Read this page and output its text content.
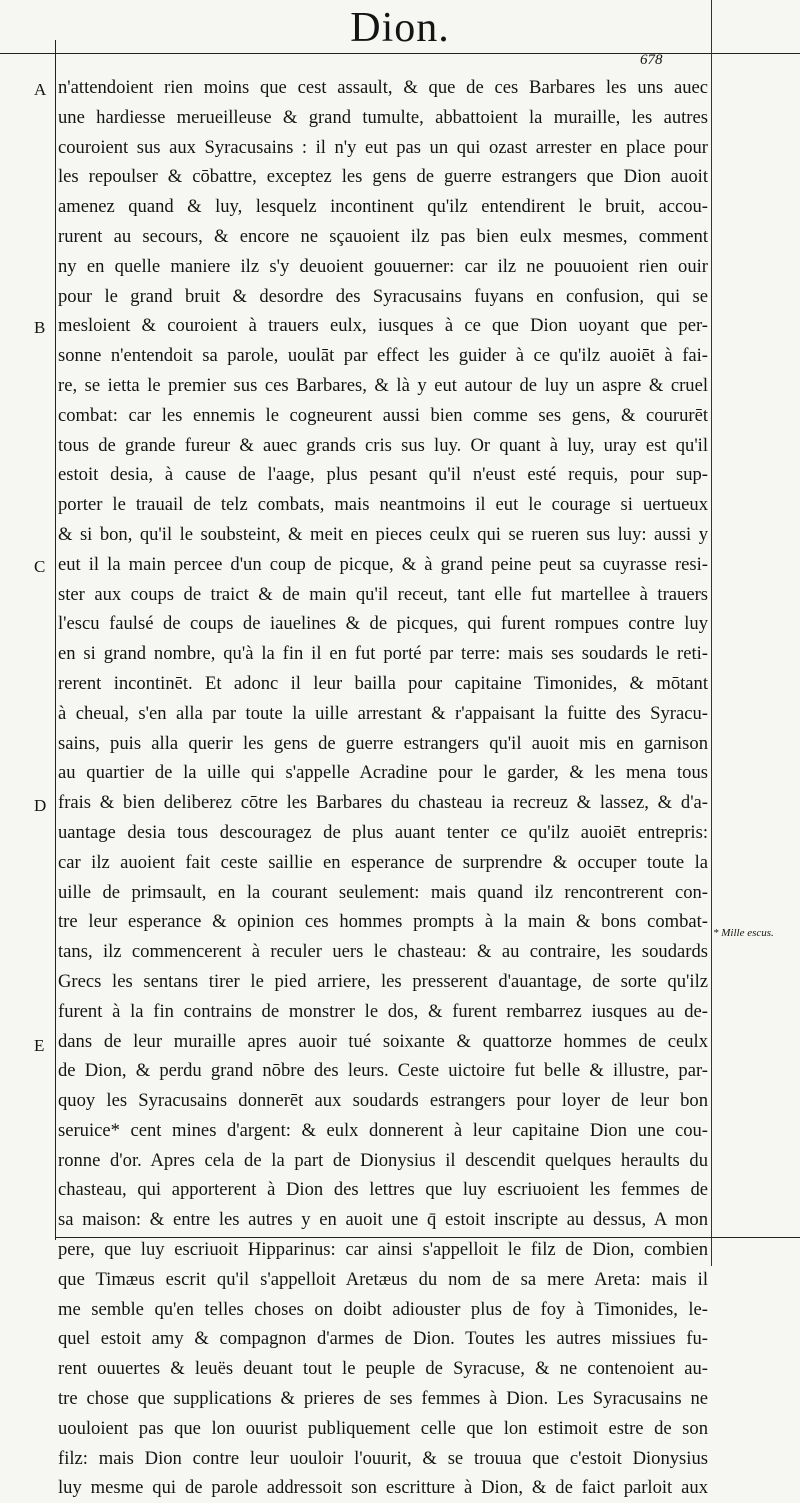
Dion.
678
A
B
C
D
E
n'attendoient rien moins que cest assault, & que de ces Barbares les uns auec
une hardiesse merueilleuse & grand tumulte, abbattoient la muraille, les autres
couroient sus aux Syracusains : il n'y eut pas un qui ozast arrester en place pour
les repoulser & cōbattre, exceptez les gens de guerre estrangers que Dion auoit
amenez quand & luy, lesquelz incontinent qu'ilz entendirent le bruit, accou-
rurent au secours, & encore ne sçauoient ilz pas bien eulx mesmes, comment
ny en quelle maniere ilz s'y deuoient gouuerner: car ilz ne pouuoient rien ouir
pour le grand bruit & desordre des Syracusains fuyans en confusion, qui se
mesloient & couroient à trauers eulx, iusques à ce que Dion uoyant que per-
sonne n'entendoit sa parole, uoulāt par effect les guider à ce qu'ilz auoiēt à fai-
re, se ietta le premier sus ces Barbares, & là y eut autour de luy un aspre & cruel
combat: car les ennemis le cogneurent aussi bien comme ses gens, & coururēt
tous de grande fureur & auec grands cris sus luy. Or quant à luy, uray est qu'il
estoit desia, à cause de l'aage, plus pesant qu'il n'eust esté requis, pour sup-
porter le trauail de telz combats, mais neantmoins il eut le courage si uertueux
& si bon, qu'il le soubsteint, & meit en pieces ceulx qui se rueren sus luy: aussi y
eut il la main percee d'un coup de picque, & à grand peine peut sa cuyrasse resi-
ster aux coups de traict & de main qu'il receut, tant elle fut martellee à trauers
l'escu faulsé de coups de iauelines & de picques, qui furent rompues contre luy
en si grand nombre, qu'à la fin il en fut porté par terre: mais ses soudards le reti-
rerent incontinēt. Et adonc il leur bailla pour capitaine Timonides, & mōtant
à cheual, s'en alla par toute la uille arrestant & r'appaisant la fuitte des Syracu-
sains, puis alla querir les gens de guerre estrangers qu'il auoit mis en garnison
au quartier de la uille qui s'appelle Acradine pour le garder, & les mena tous
frais & bien deliberez cōtre les Barbares du chasteau ia recreuz & lassez, & d'a-
uantage desia tous descouragez de plus auant tenter ce qu'ilz auoiēt entrepris:
car ilz auoient fait ceste saillie en esperance de surprendre & occuper toute la
uille de primsault, en la courant seulement: mais quand ilz rencontrerent con-
tre leur esperance & opinion ces hommes prompts à la main & bons combat-
tans, ilz commencerent à reculer uers le chasteau: & au contraire, les soudards
Grecs les sentans tirer le pied arriere, les presserent d'auantage, de sorte qu'ilz
furent à la fin contrains de monstrer le dos, & furent rembarrez iusques au de-
dans de leur muraille apres auoir tué soixante & quattorze hommes de ceulx
de Dion, & perdu grand nōbre des leurs. Ceste uictoire fut belle & illustre, par-
quoy les Syracusains donnerēt aux soudards estrangers pour loyer de leur bon
seruice* cent mines d'argent: & eulx donnerent à leur capitaine Dion une cou-
ronne d'or. Apres cela de la part de Dionysius il descendit quelques heraults du
chasteau, qui apporterent à Dion des lettres que luy escriuoient les femmes de
sa maison: & entre les autres y en auoit une q̄ estoit inscripte au dessus, A mon
pere, que luy escriuoit Hipparinus: car ainsi s'appelloit le filz de Dion, combien
que Timæus escrit qu'il s'appelloit Aretæus du nom de sa mere Areta: mais il
me semble qu'en telles choses on doibt adiouster plus de foy à Timonides, le-
quel estoit amy & compagnon d'armes de Dion. Toutes les autres missiues fu-
rent ouuertes & leuës deuant tout le peuple de Syracuse, & ne contenoient au-
tre chose que supplications & prieres de ses femmes à Dion. Les Syracusains ne
uouloient pas que lon ouurist publiquement celle que lon estimoit estre de son
filz: mais Dion contre leur uouloir l'ouurit, & se trouua que c'estoit Dionysius
luy mesme qui de parole addressoit son escritture à Dion, & de faict parloit aux
* Mille escus.
